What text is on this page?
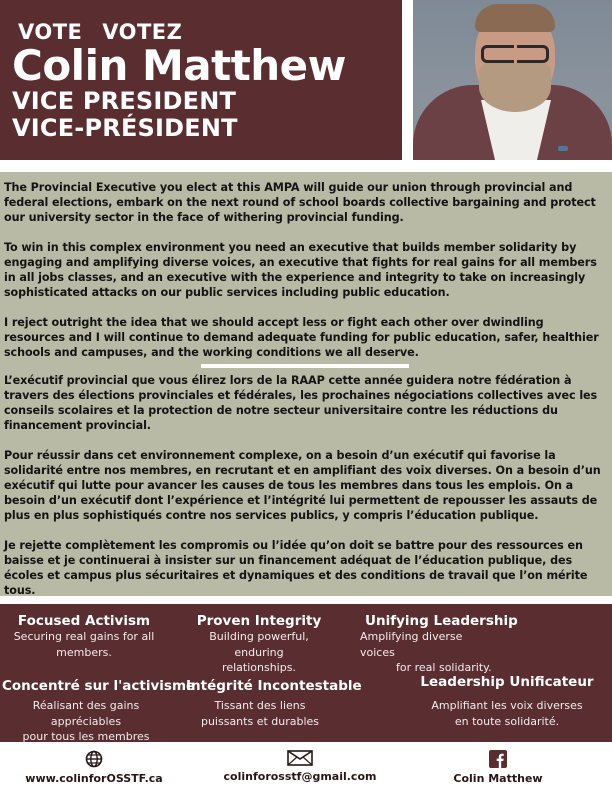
VOTE VOTEZ
Colin Matthew
VICE PRESIDENT
VICE-PRÉSIDENT

The Provincial Executive you elect at this AMPA will guide our union through provincial and federal elections, embark on the next round of school boards collective bargaining and protect our university sector in the face of withering provincial funding.

To win in this complex environment you need an executive that builds member solidarity by engaging and amplifying diverse voices, an executive that fights for real gains for all members in all jobs classes, and an executive with the experience and integrity to take on increasingly sophisticated attacks on our public services including public education.

I reject outright the idea that we should accept less or fight each other over dwindling resources and I will continue to demand adequate funding for public education, safer, healthier schools and campuses, and the working conditions we all deserve.

L’exécutif provincial que vous élirez lors de la RAAP cette année guidera notre fédération à travers des élections provinciales et fédérales, les prochaines négociations collectives avec les conseils scolaires et la protection de notre secteur universitaire contre les réductions du financement provincial.

Pour réussir dans cet environnement complexe, on a besoin d’un exécutif qui favorise la solidarité entre nos membres, en recrutant et en amplifiant des voix diverses. On a besoin d’un exécutif qui lutte pour avancer les causes de tous les membres dans tous les emplois. On a besoin d’un exécutif dont l’expérience et l’intégrité lui permettent de repousser les assauts de plus en plus sophistiqués contre nos services publics, y compris l’éducation publique.

Je rejette complètement les compromis ou l’idée qu’on doit se battre pour des ressources en baisse et je continuerai à insister sur un financement adéquat de l’éducation publique, des écoles et campus plus sécuritaires et dynamiques et des conditions de travail que l’on mérite tous.

Focused Activism
Securing real gains for all
members.
Proven Integrity
Building powerful, enduring
relationships.
Unifying Leadership
Amplifying diverse voices
for real solidarity.
Concentré sur l'activisme
Réalisant des gains appréciables
pour tous les membres
Intégrité Incontestable
Tissant des liens
puissants et durables
Leadership Unificateur
Amplifiant les voix diverses
en toute solidarité.
www.colinforOSSTF.ca	colinforosstf@gmail.com	Colin Matthew
